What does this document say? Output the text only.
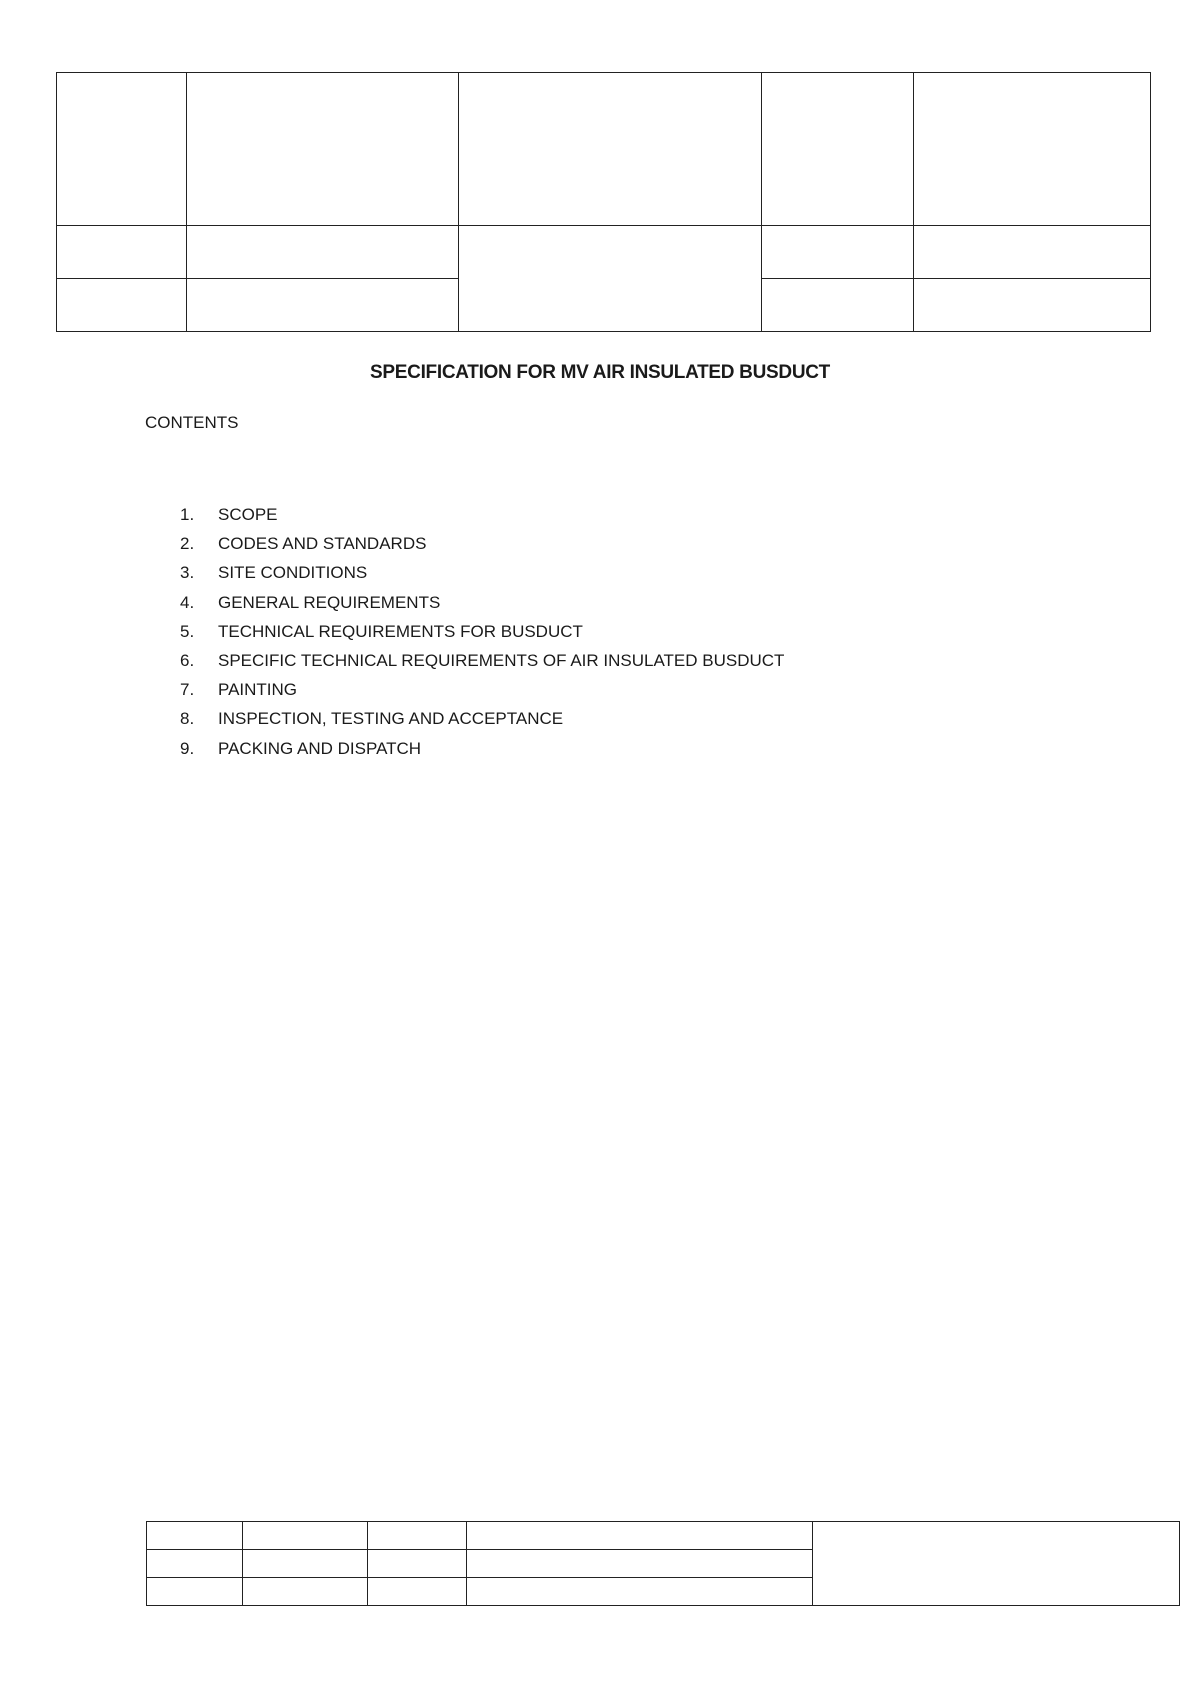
SPECIFICATION FOR MV AIR INSULATED BUSDUCT
CONTENTS
1. SCOPE
2. CODES AND STANDARDS
3. SITE CONDITIONS
4. GENERAL REQUIREMENTS
5. TECHNICAL REQUIREMENTS FOR BUSDUCT
6. SPECIFIC TECHNICAL REQUIREMENTS OF AIR INSULATED BUSDUCT
7. PAINTING
8. INSPECTION, TESTING AND ACCEPTANCE
9. PACKING AND DISPATCH
